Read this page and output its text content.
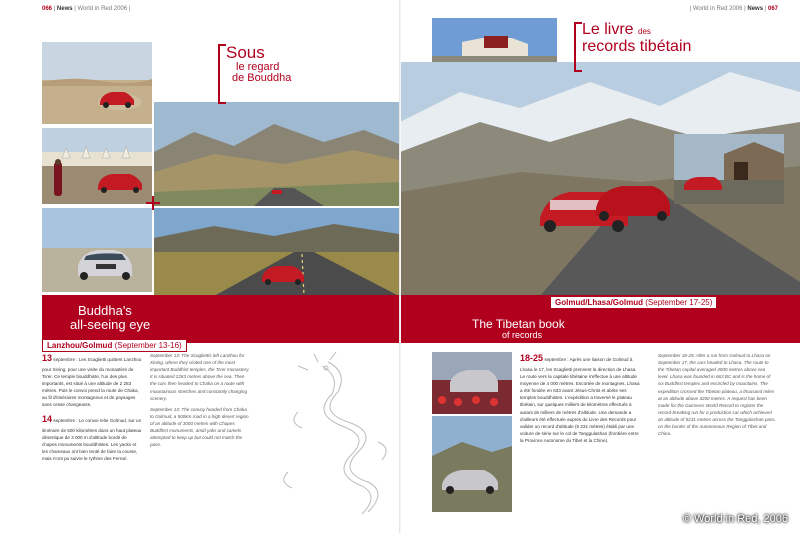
066 | News | World in Red 2006 |	| World in Red 2006 | News | 067
Sous
le regard
de Bouddha
Le livre des
records tibétain
Buddha's
all-seeing eye	The Tibetan book
of records
Lanzhou/Golmud (September 13-16)
Golmud/Lhasa/Golmud (September 17-25)

13 septembre : Les Scaglietti quittent Lanzhou pour Xining, pour une visite du monastère de Ta'er. Ce temple bouddhiste, l'un des plus importants, est situé à une altitude de 2 283 mètres. Puis le convoi prend la route de Chaka, au fil d'itinéraires montagneux et de paysages sans cesse changeants.

14 septembre : Le convoi relie Golmud, sur un itinéraire de 500 kilomètres dans un haut plateau désertique de 3 000 m d'altitude bordé de chapes monuments bouddhistes. Les yacks et les chameaux ont bien tenté de faire la course, mais n'ont pu suivre le rythme des Ferrari.

September 13: The Scagliettis left Lanzhou for Xining, where they visited one of the most important Buddhist temples, the Ta'er monastery. It is situated 2283 metres above the sea. Then the cars then headed to Chaka on a route with mountainous stretches and constantly changing scenery.

September 13: The convoy headed from Chaka to Golmud, a 500km road in a high desert region of an altitude of 3000 metres with Chapes Buddhist monuments, amid yaks and camels attempted to keep up but could not match the pace.

18-25 septembre : Après une liaison de Golmud à Lhasa le 17, les Scaglietti prennent la direction de Lhasa. Le route vers la capitale tibétaine s'effectue à une altitude moyenne de 4 000 mètres. Escortée de montagnes, Lhasa a été fondée en 633 avant Jésus-Christ et abrite ses temples bouddhistes. L'expédition a traversé le plateau tibétain, sur quelques milliers de kilomètres effectués à autant de milliers de mètres d'altitude. Une demande a d'ailleurs été effectuée auprès du Livre des Records pour valider un record d'altitude (5 231 mètres) établi par une voiture de série sur le col de Tanggulashan (frontière entre la Province Autonome du Tibet et la Chine).

September 18-25: After a run from Golmud to Lhasa on September 17, the cars headed to Lhasa. The route to the Tibetan capital averaged 4000 metres above sea level. Lhasa was founded in 663 BC and is the home of six Buddhist temples and encircled by mountains. The expedition crossed the Tibetan plateau, a thousand miles at an altitude above 3200 metres. A request has been made for the Guinness World Record to register the record-breaking run for a production car which achieved an altitude of 5231 metres across the Tanggulashan pass, on the border of the Autonomous Region of Tibet and China.

© World in Red, 2006
